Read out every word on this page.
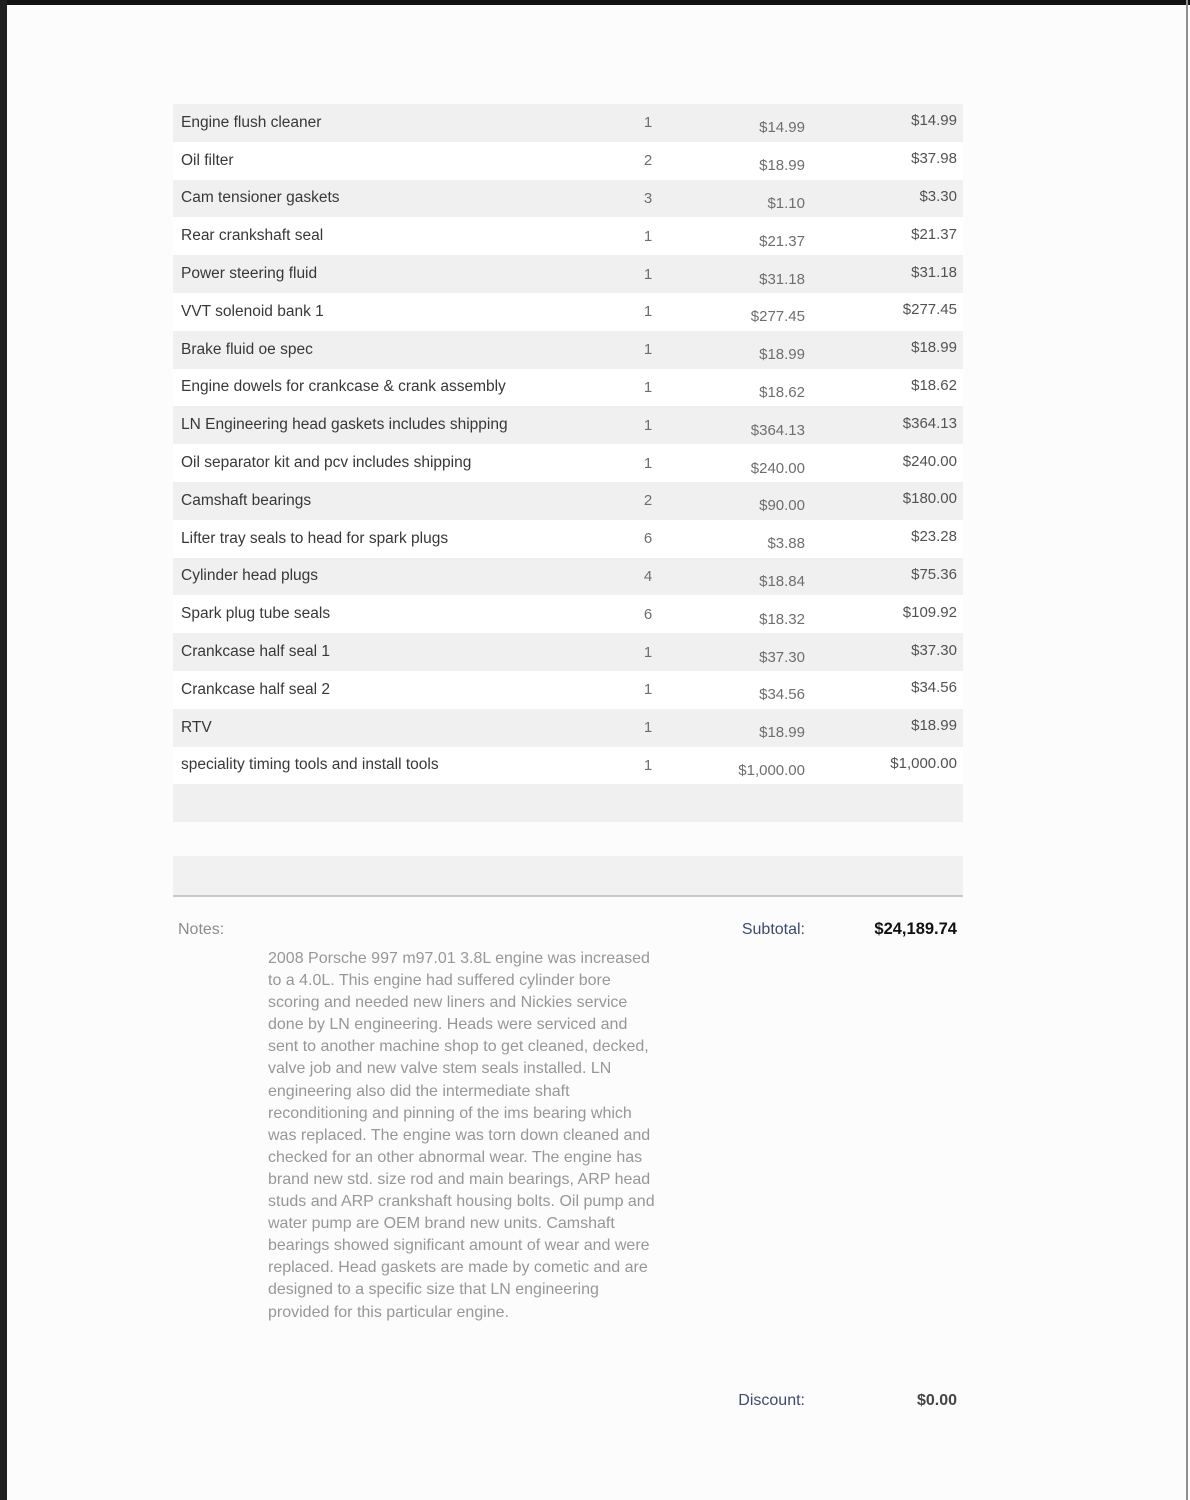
Engine flush cleaner	1	$14.99	$14.99
Oil filter	2	$18.99	$37.98
Cam tensioner gaskets	3	$1.10	$3.30
Rear crankshaft seal	1	$21.37	$21.37
Power steering fluid	1	$31.18	$31.18
VVT solenoid bank 1	1	$277.45	$277.45
Brake fluid oe spec	1	$18.99	$18.99
Engine dowels for crankcase & crank assembly	1	$18.62	$18.62
LN Engineering head gaskets includes shipping	1	$364.13	$364.13
Oil separator kit and pcv includes shipping	1	$240.00	$240.00
Camshaft bearings	2	$90.00	$180.00
Lifter tray seals to head for spark plugs	6	$3.88	$23.28
Cylinder head plugs	4	$18.84	$75.36
Spark plug tube seals	6	$18.32	$109.92
Crankcase half seal 1	1	$37.30	$37.30
Crankcase half seal 2	1	$34.56	$34.56
RTV	1	$18.99	$18.99
speciality timing tools and install tools	1	$1,000.00	$1,000.00
Notes:
2008 Porsche 997 m97.01 3.8L engine was increased to a 4.0L. This engine had suffered cylinder bore scoring and needed new liners and Nickies service done by LN engineering. Heads were serviced and sent to another machine shop to get cleaned, decked, valve job and new valve stem seals installed. LN engineering also did the intermediate shaft reconditioning and pinning of the ims bearing which was replaced. The engine was torn down cleaned and checked for an other abnormal wear. The engine has brand new std. size rod and main bearings, ARP head studs and ARP crankshaft housing bolts. Oil pump and water pump are OEM brand new units. Camshaft bearings showed significant amount of wear and were replaced. Head gaskets are made by cometic and are designed to a specific size that LN engineering provided for this particular engine.
Subtotal:	$24,189.74
Discount:	$0.00
